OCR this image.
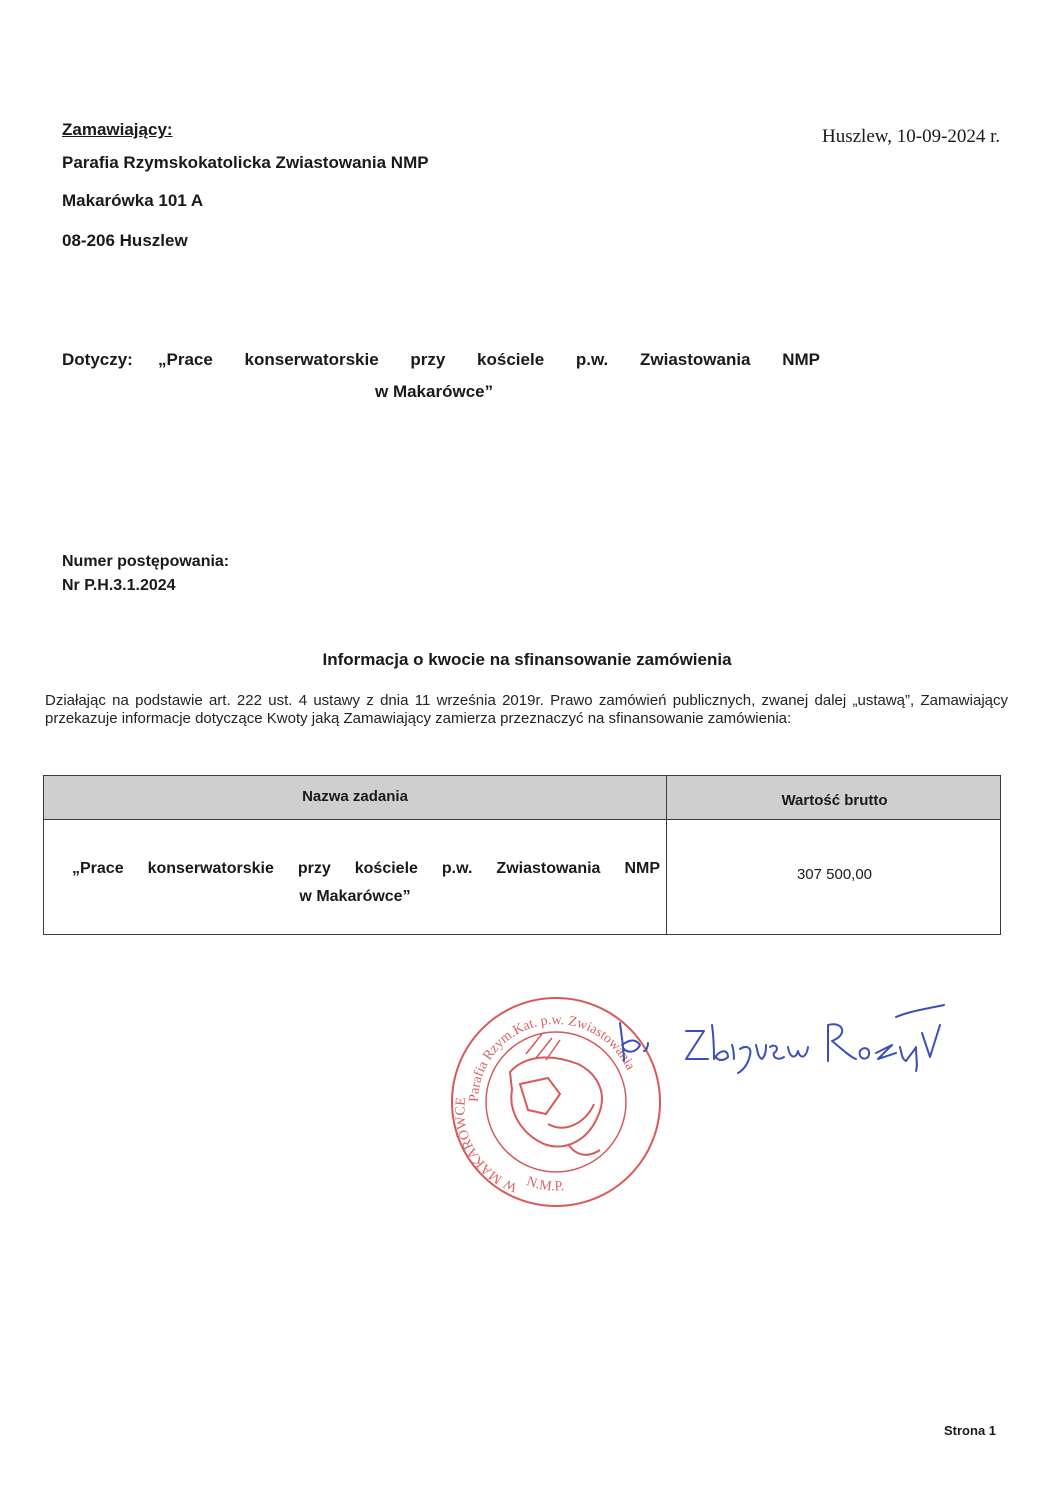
Zamawiający:
Parafia Rzymskokatolicka Zwiastowania NMP
Makarówka 101 A
08-206 Huszlew
Huszlew, 10-09-2024 r.
Dotyczy: „Prace konserwatorskie przy kościele p.w. Zwiastowania NMP
w Makarówce”
Numer postępowania:
Nr P.H.3.1.2024
Informacja o kwocie na sfinansowanie zamówienia
Działając na podstawie art. 222 ust. 4 ustawy z dnia 11 września 2019r. Prawo zamówień publicznych, zwanej dalej „ustawą”, Zamawiający przekazuje informacje dotyczące Kwoty jaką Zamawiający zamierza przeznaczyć na sfinansowanie zamówienia:
Nazwa zadania	Wartość brutto
„Prace konserwatorskie przy kościele p.w. Zwiastowania NMP
w Makarówce”
307 500,00
Parafia Rzym.Kat. p.w. Zwiastowania
N.M.P.
W MAKARÓWCE
Strona 1
